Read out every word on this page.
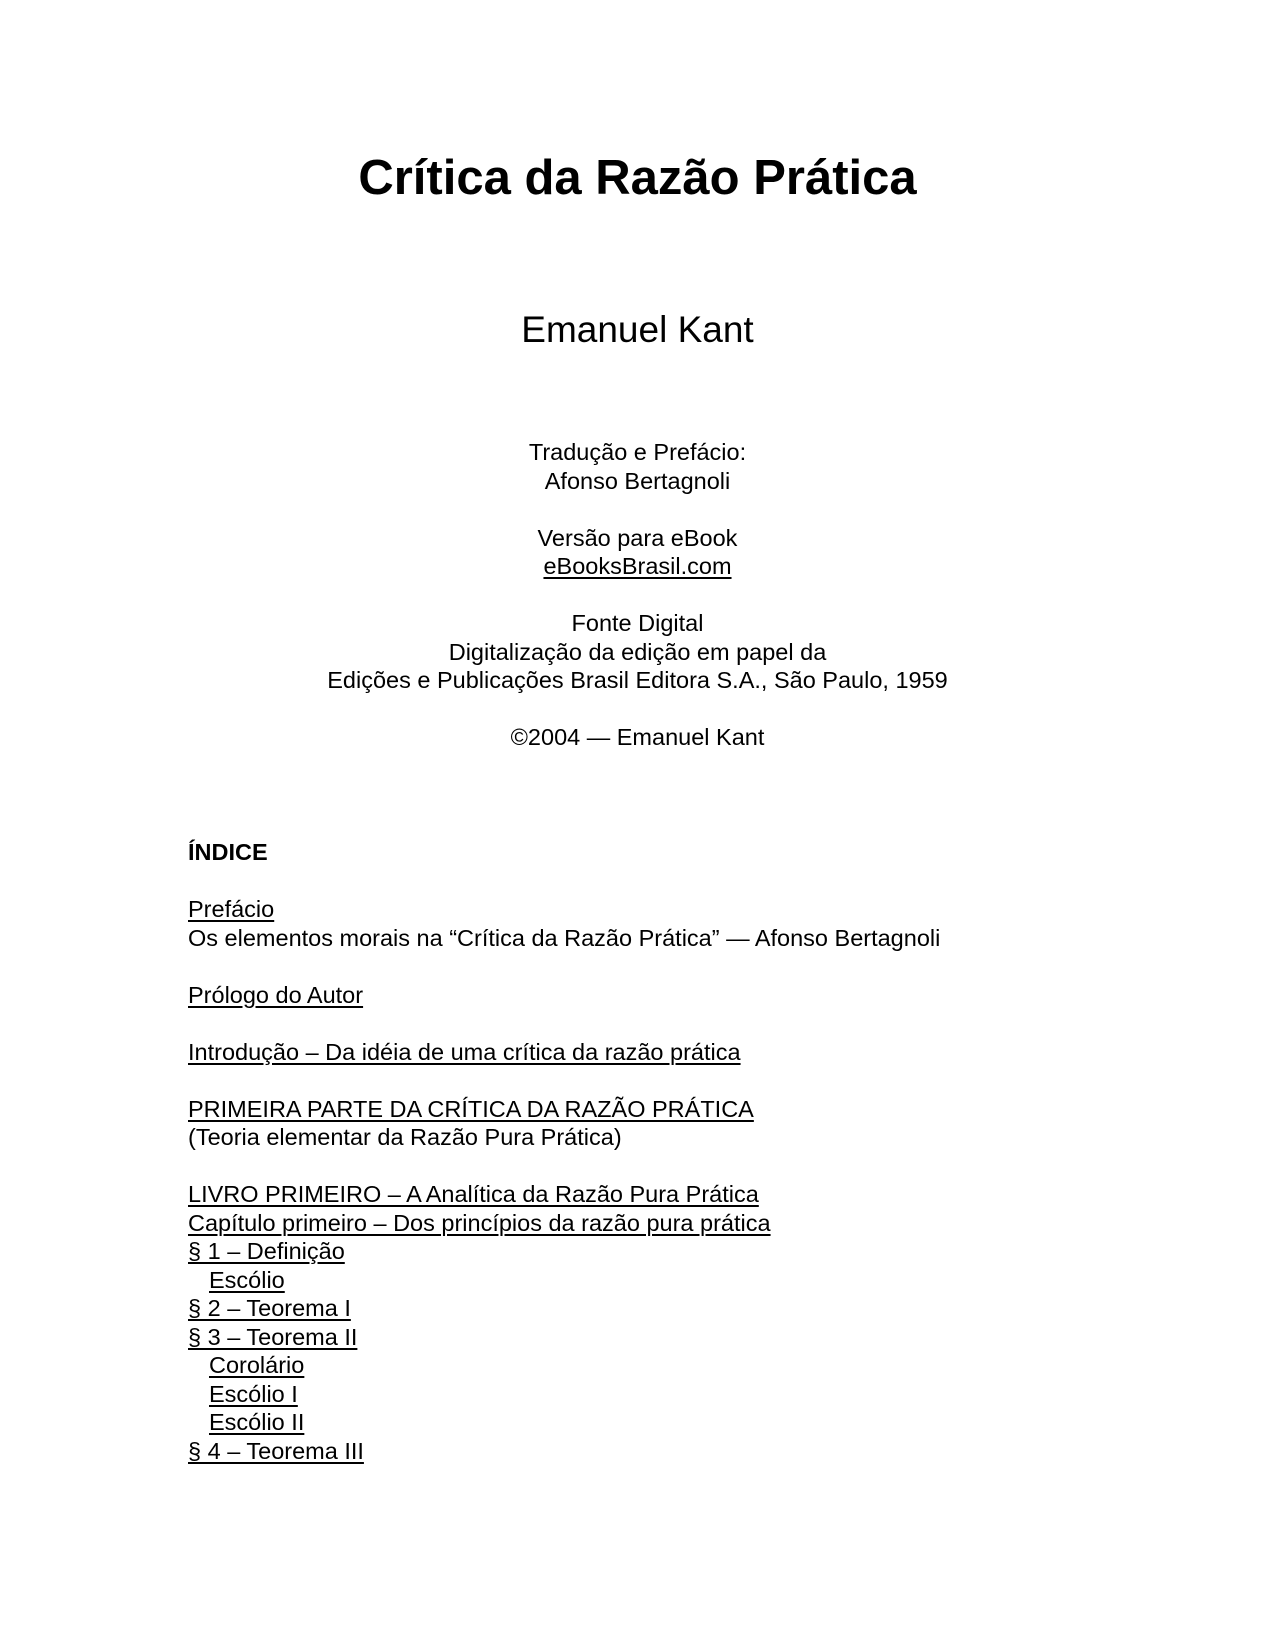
Crítica da Razão Prática
Emanuel Kant
Tradução e Prefácio:
Afonso Bertagnoli
Versão para eBook
eBooksBrasil.com
Fonte Digital
Digitalização da edição em papel da
Edições e Publicações Brasil Editora S.A., São Paulo, 1959
©2004 — Emanuel Kant
ÍNDICE
Prefácio
Os elementos morais na “Crítica da Razão Prática” — Afonso Bertagnoli
Prólogo do Autor
Introdução – Da idéia de uma crítica da razão prática
PRIMEIRA PARTE DA CRÍTICA DA RAZÃO PRÁTICA
(Teoria elementar da Razão Pura Prática)
LIVRO PRIMEIRO – A Analítica da Razão Pura Prática
Capítulo primeiro – Dos princípios da razão pura prática
§ 1 – Definição
Escólio
§ 2 – Teorema I
§ 3 – Teorema II
Corolário
Escólio I
Escólio II
§ 4 – Teorema III
